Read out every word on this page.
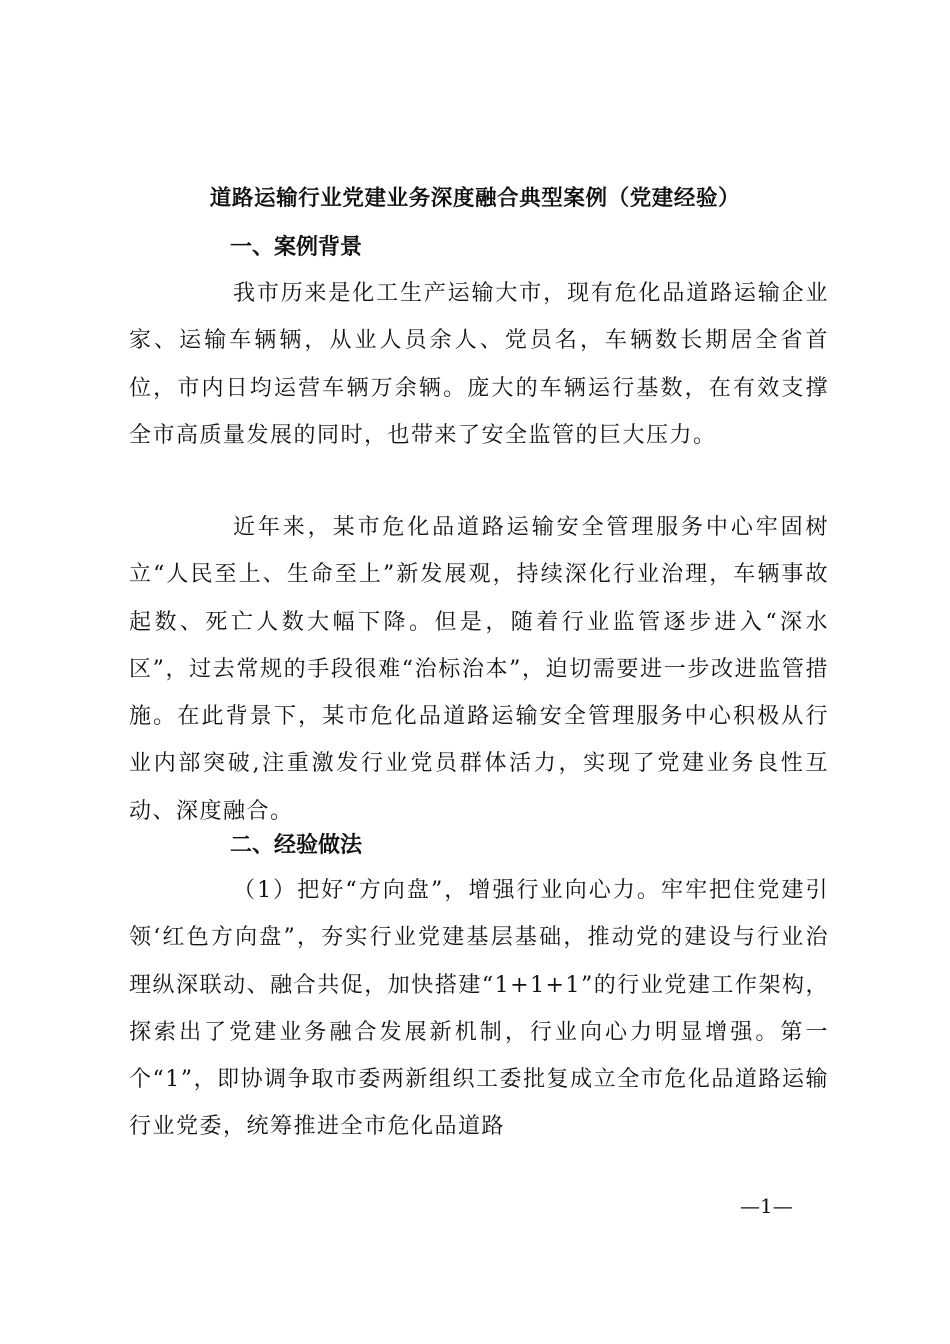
道路运输行业党建业务深度融合典型案例（党建经验）
一、案例背景

我市历来是化工生产运输大市，现有危化品道路运输企业家、运输车辆辆，从业人员余人、党员名，车辆数长期居全省首位，市内日均运营车辆万余辆。庞大的车辆运行基数，在有效支撑全市高质量发展的同时，也带来了安全监管的巨大压力。

近年来，某市危化品道路运输安全管理服务中心牢固树立“人民至上、生命至上”新发展观，持续深化行业治理，车辆事故起数、死亡人数大幅下降。但是，随着行业监管逐步进入“深水区”，过去常规的手段很难“治标治本”，迫切需要进一步改进监管措施。在此背景下，某市危化品道路运输安全管理服务中心积极从行业内部突破,注重激发行业党员群体活力，实现了党建业务良性互动、深度融合。

二、经验做法

（1）把好“方向盘”，增强行业向心力。牢牢把住党建引领‘红色方向盘”，夯实行业党建基层基础，推动党的建设与行业治理纵深联动、融合共促，加快搭建“1+1+1”的行业党建工作架构，探索出了党建业务融合发展新机制，行业向心力明显增强。第一个“1”，即协调争取市委两新组织工委批复成立全市危化品道路运输行业党委，统筹推进全市危化品道路

—1—
